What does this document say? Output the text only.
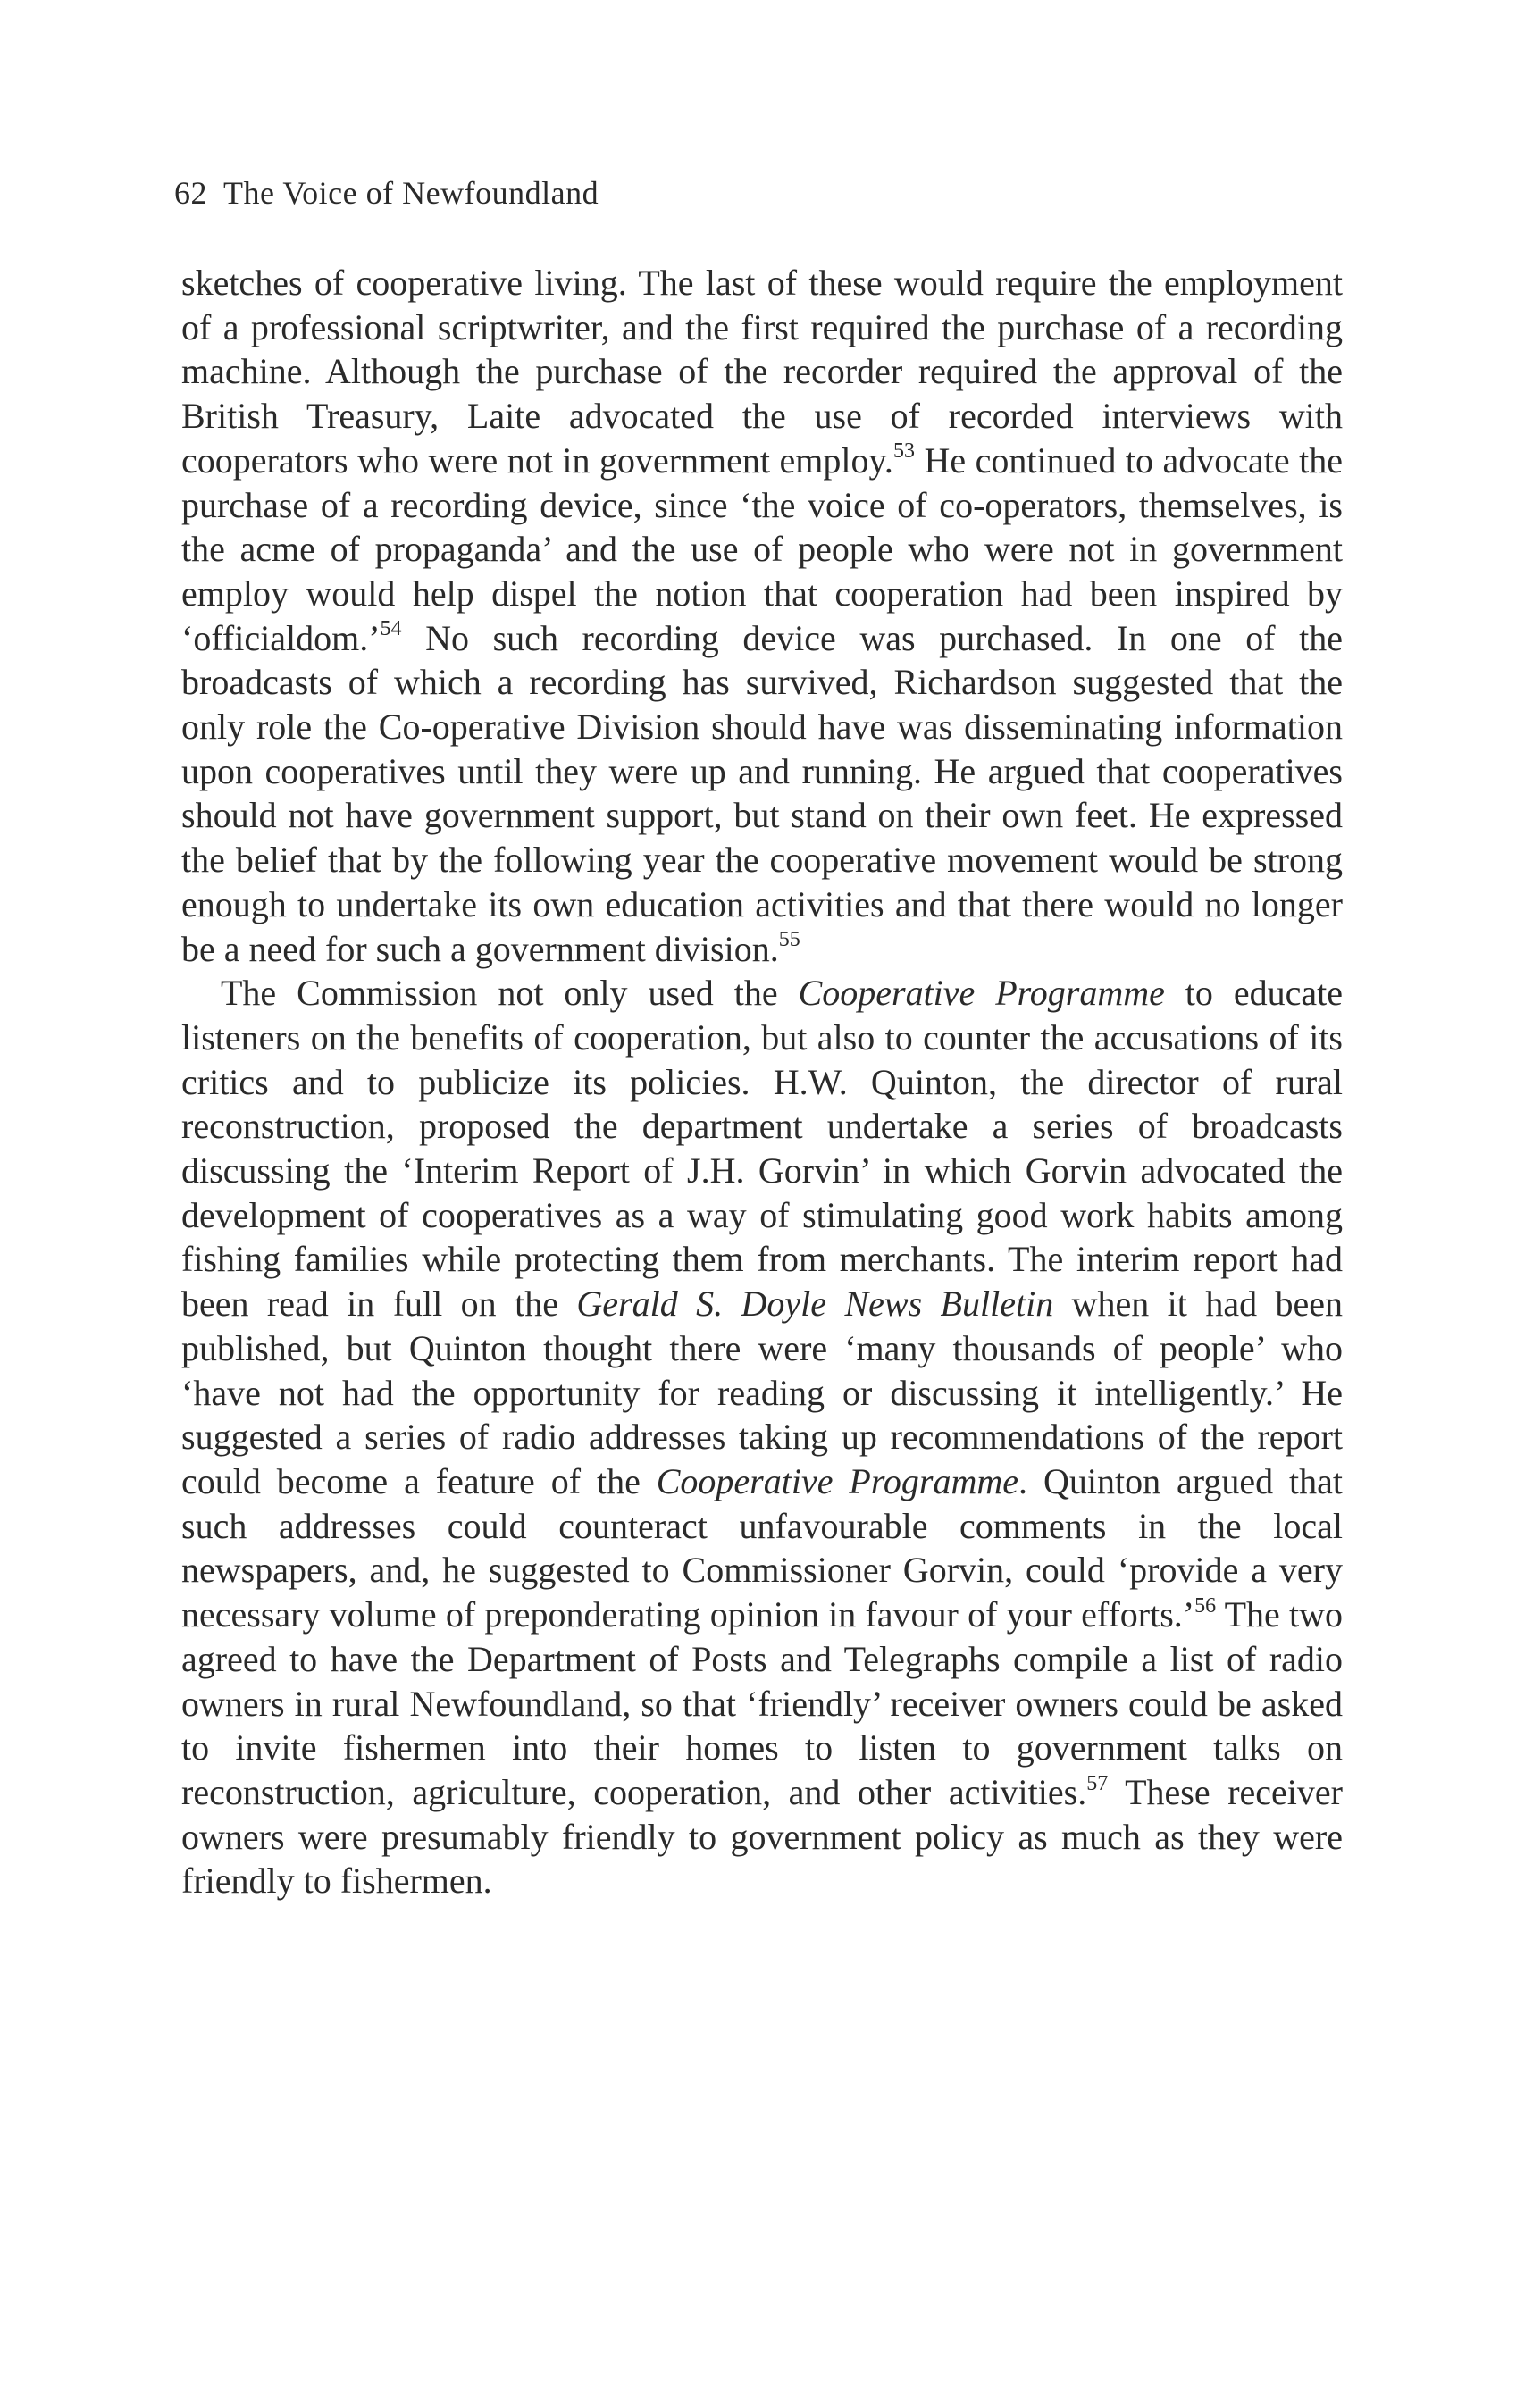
62 The Voice of Newfoundland

sketches of cooperative living. The last of these would require the employment of a professional scriptwriter, and the first required the purchase of a recording machine. Although the purchase of the recorder required the approval of the British Treasury, Laite advocated the use of recorded interviews with cooperators who were not in government employ.$^{53}$ He continued to advocate the purchase of a recording device, since ‘the voice of co-operators, themselves, is the acme of propaganda’ and the use of people who were not in government employ would help dispel the notion that cooperation had been inspired by ‘officialdom.’$^{54}$ No such recording device was purchased. In one of the broadcasts of which a recording has survived, Richardson suggested that the only role the Co-operative Division should have was disseminating information upon cooperatives until they were up and running. He argued that cooperatives should not have government support, but stand on their own feet. He expressed the belief that by the following year the cooperative movement would be strong enough to undertake its own education activities and that there would no longer be a need for such a government division.$^{55}$

The Commission not only used the Cooperative Programme to educate listeners on the benefits of cooperation, but also to counter the accusations of its critics and to publicize its policies. H.W. Quinton, the director of rural reconstruction, proposed the department undertake a series of broadcasts discussing the ‘Interim Report of J.H. Gorvin’ in which Gorvin advocated the development of cooperatives as a way of stimulating good work habits among fishing families while protecting them from merchants. The interim report had been read in full on the Gerald S. Doyle News Bulletin when it had been published, but Quinton thought there were ‘many thousands of people’ who ‘have not had the opportunity for reading or discussing it intelligently.’ He suggested a series of radio addresses taking up recommendations of the report could become a feature of the Cooperative Programme. Quinton argued that such addresses could counteract unfavourable comments in the local newspapers, and, he suggested to Commissioner Gorvin, could ‘provide a very necessary volume of preponderating opinion in favour of your efforts.’$^{56}$ The two agreed to have the Department of Posts and Telegraphs compile a list of radio owners in rural Newfoundland, so that ‘friendly’ receiver owners could be asked to invite fishermen into their homes to listen to government talks on reconstruction, agriculture, cooperation, and other activities.$^{57}$ These receiver owners were presumably friendly to government policy as much as they were friendly to fishermen.
